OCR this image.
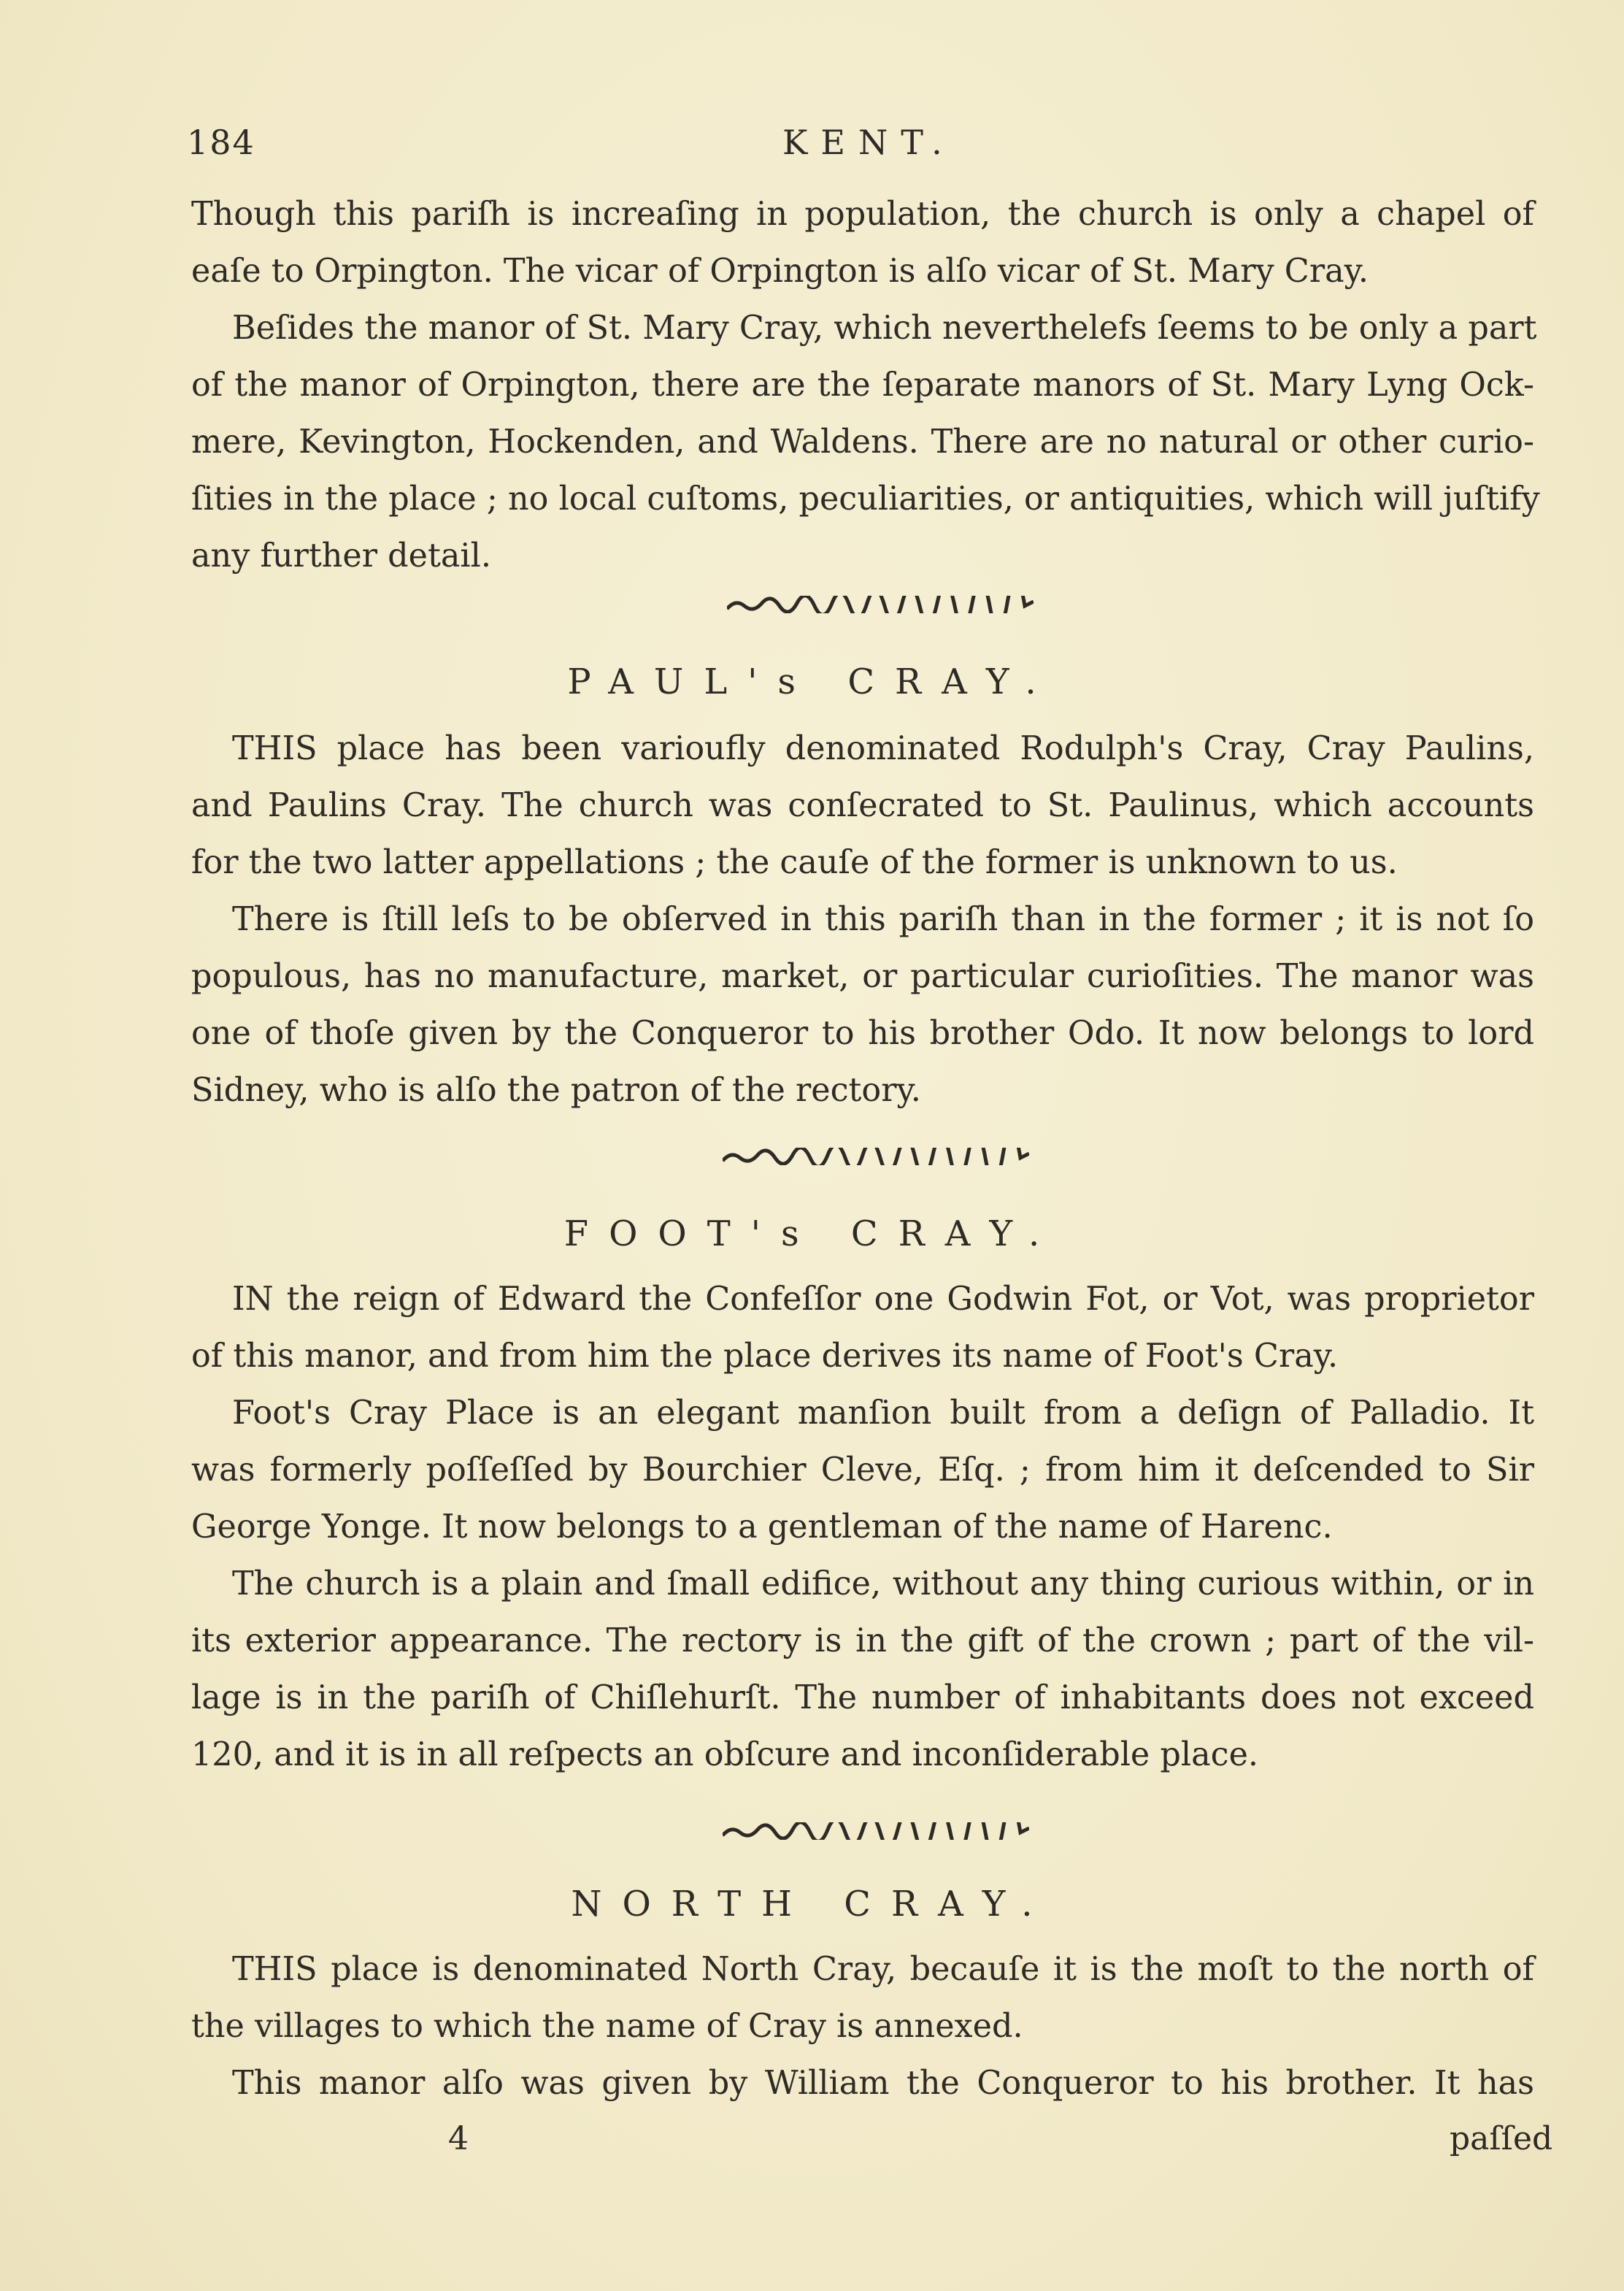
184	KENT.
Though this pariſh is increaſing in population, the church is only a chapel of
eaſe to Orpington. The vicar of Orpington is alſo vicar of St. Mary Cray.
Beſides the manor of St. Mary Cray, which neverthelefs ſeems to be only a part
of the manor of Orpington, there are the ſeparate manors of St. Mary Lyng Ock-
mere, Kevington, Hockenden, and Waldens. There are no natural or other curio-
ſities in the place ; no local cuſtoms, peculiarities, or antiquities, which will juſtify
any further detail.
PAUL's CRAY.
THIS place has been varioufly denominated Rodulph's Cray, Cray Paulins,
and Paulins Cray. The church was conſecrated to St. Paulinus, which accounts
for the two latter appellations ; the cauſe of the former is unknown to us.
There is ſtill leſs to be obſerved in this pariſh than in the former ; it is not ſo
populous, has no manufacture, market, or particular curioſities. The manor was
one of thoſe given by the Conqueror to his brother Odo. It now belongs to lord
Sidney, who is alſo the patron of the rectory.
FOOT's CRAY.
IN the reign of Edward the Confeſſor one Godwin Fot, or Vot, was proprietor
of this manor, and from him the place derives its name of Foot's Cray.
Foot's Cray Place is an elegant manſion built from a deſign of Palladio. It
was formerly poſſeſſed by Bourchier Cleve, Eſq. ; from him it deſcended to Sir
George Yonge. It now belongs to a gentleman of the name of Harenc.
The church is a plain and ſmall edifice, without any thing curious within, or in
its exterior appearance. The rectory is in the gift of the crown ; part of the vil-
lage is in the pariſh of Chiſlehurſt. The number of inhabitants does not exceed
120, and it is in all reſpects an obſcure and inconſiderable place.
NORTH CRAY.
THIS place is denominated North Cray, becauſe it is the moſt to the north of
the villages to which the name of Cray is annexed.
This manor alſo was given by William the Conqueror to his brother. It has
4	paſſed
